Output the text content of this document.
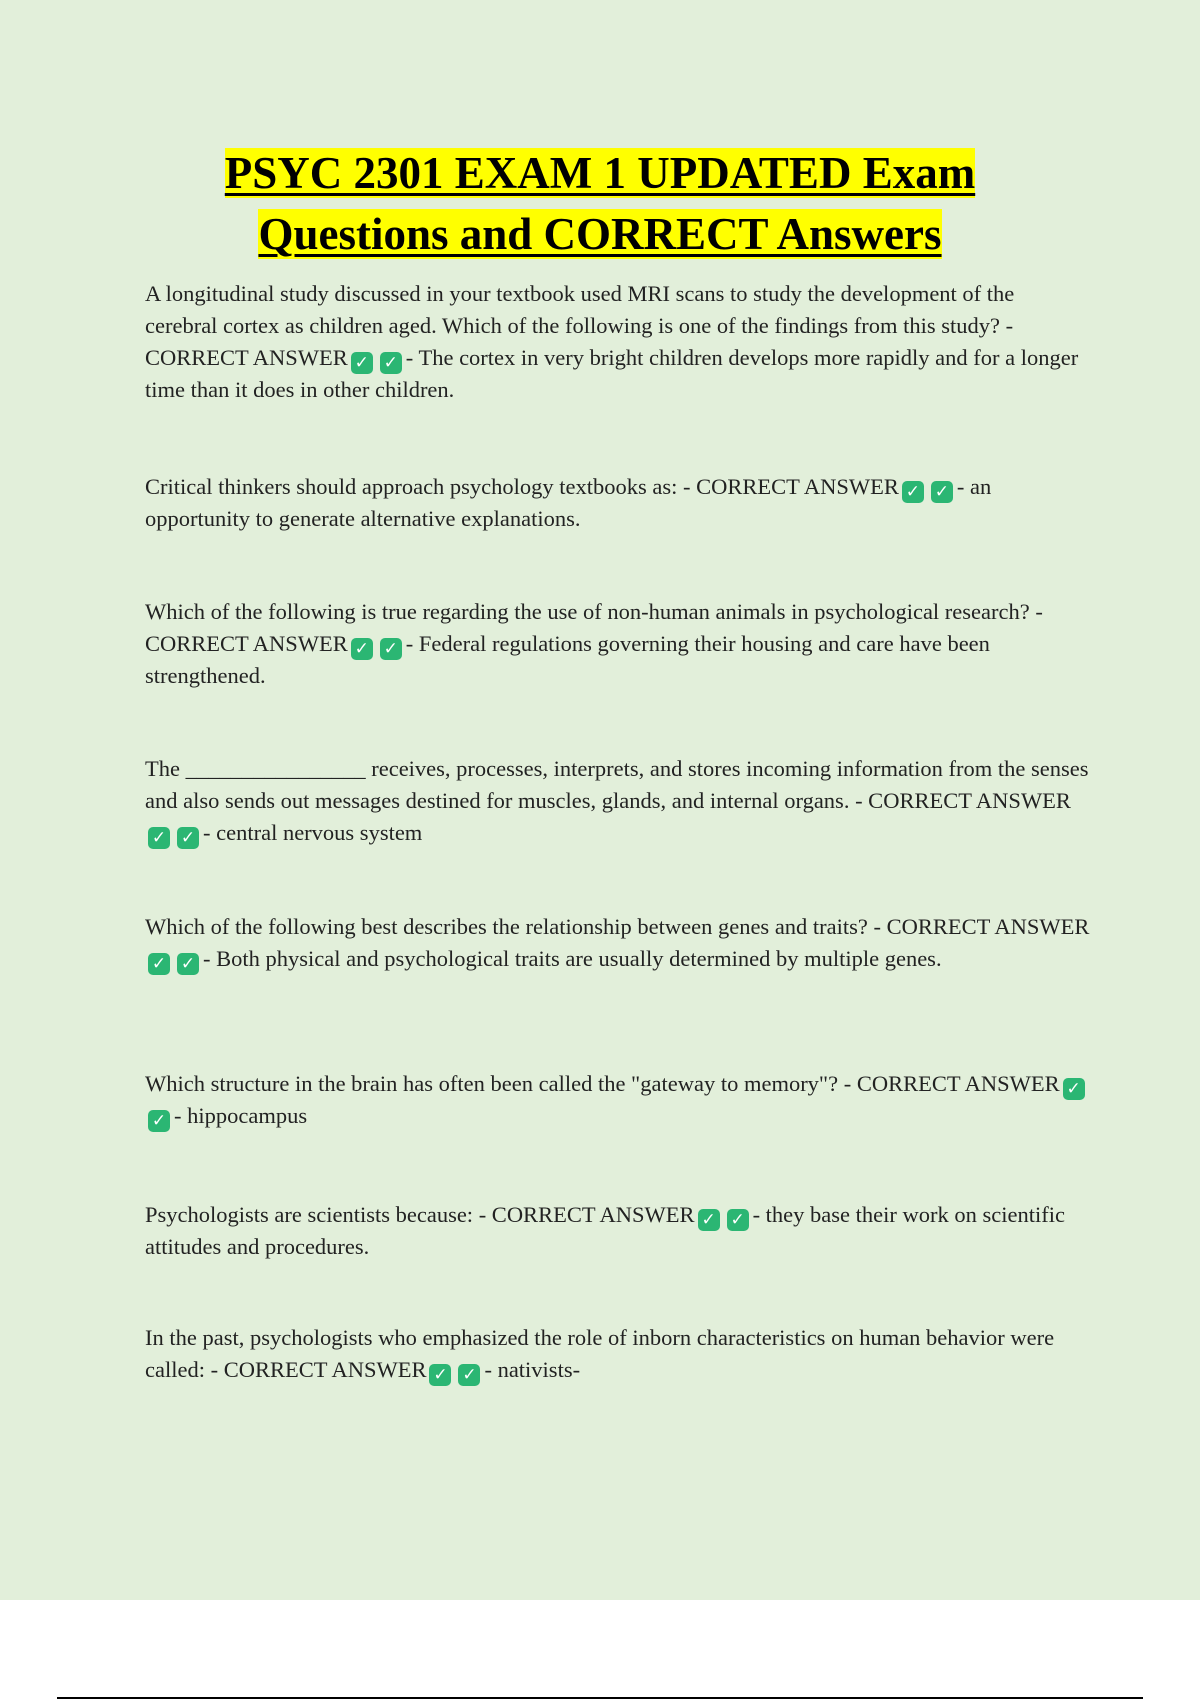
PSYC 2301 EXAM 1 UPDATED Exam
Questions and CORRECT Answers

A longitudinal study discussed in your textbook used MRI scans to study the development of the cerebral cortex as children aged. Which of the following is one of the findings from this study? - CORRECT ANSWER ✓ ✓ - The cortex in very bright children develops more rapidly and for a longer time than it does in other children.

Critical thinkers should approach psychology textbooks as: - CORRECT ANSWER ✓ ✓ - an opportunity to generate alternative explanations.

Which of the following is true regarding the use of non-human animals in psychological research? - CORRECT ANSWER ✓ ✓ - Federal regulations governing their housing and care have been strengthened.

The ________________ receives, processes, interprets, and stores incoming information from the senses and also sends out messages destined for muscles, glands, and internal organs. - CORRECT ANSWER✓ ✓ - central nervous system

Which of the following best describes the relationship between genes and traits? - CORRECT ANSWER✓ ✓ - Both physical and psychological traits are usually determined by multiple genes.

Which structure in the brain has often been called the "gateway to memory"? - CORRECT ANSWER ✓✓ - hippocampus

Psychologists are scientists because: - CORRECT ANSWER ✓ ✓ - they base their work on scientific attitudes and procedures.

In the past, psychologists who emphasized the role of inborn characteristics on human behavior were called: - CORRECT ANSWER ✓ ✓ - nativists-
